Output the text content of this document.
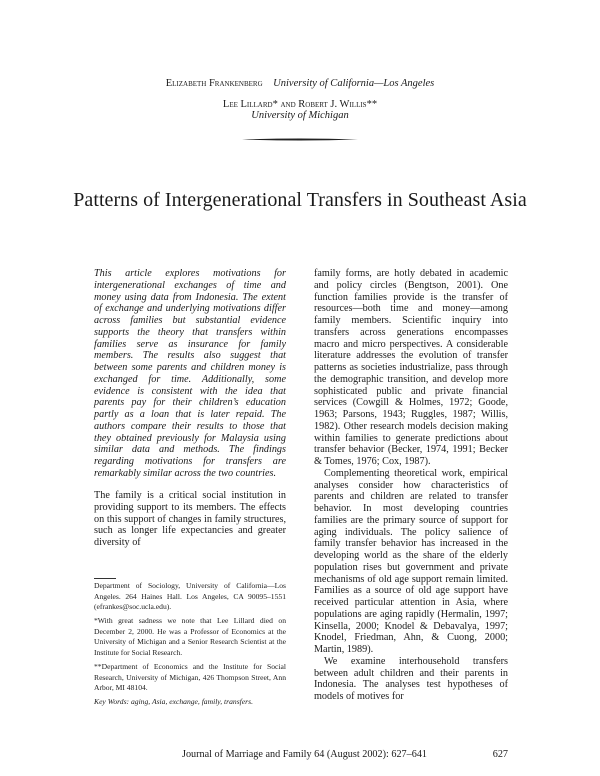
Elizabeth Frankenberg University of California—Los Angeles
Lee Lillard* and Robert J. Willis**
University of Michigan
Patterns of Intergenerational Transfers in Southeast Asia
This article explores motivations for intergenerational exchanges of time and money using data from Indonesia. The extent of exchange and underlying motivations differ across families but substantial evidence supports the theory that transfers within families serve as insurance for family members. The results also suggest that between some parents and children money is exchanged for time. Additionally, some evidence is consistent with the idea that parents pay for their children’s education partly as a loan that is later repaid. The authors compare their results to those that they obtained previously for Malaysia using similar data and methods. The findings regarding motivations for transfers are remarkably similar across the two countries.
The family is a critical social institution in providing support to its members. The effects on this support of changes in family structures, such as longer life expectancies and greater diversity of
Department of Sociology, University of California—Los Angeles. 264 Haines Hall. Los Angeles, CA 90095–1551 (efrankes@soc.ucla.edu).
*With great sadness we note that Lee Lillard died on December 2, 2000. He was a Professor of Economics at the University of Michigan and a Senior Research Scientist at the Institute for Social Research.
**Department of Economics and the Institute for Social Research, University of Michigan, 426 Thompson Street, Ann Arbor, MI 48104.
Key Words: aging, Asia, exchange, family, transfers.

family forms, are hotly debated in academic and policy circles (Bengtson, 2001). One function families provide is the transfer of resources—both time and money—among family members. Scientific inquiry into transfers across generations encompasses macro and micro perspectives. A considerable literature addresses the evolution of transfer patterns as societies industrialize, pass through the demographic transition, and develop more sophisticated public and private financial services (Cowgill & Holmes, 1972; Goode, 1963; Parsons, 1943; Ruggles, 1987; Willis, 1982). Other research models decision making within families to generate predictions about transfer behavior (Becker, 1974, 1991; Becker & Tomes, 1976; Cox, 1987).

Complementing theoretical work, empirical analyses consider how characteristics of parents and children are related to transfer behavior. In most developing countries families are the primary source of support for aging individuals. The policy salience of family transfer behavior has increased in the developing world as the share of the elderly population rises but government and private mechanisms of old age support remain limited. Families as a source of old age support have received particular attention in Asia, where populations are aging rapidly (Hermalin, 1997; Kinsella, 2000; Knodel & Debavalya, 1997; Knodel, Friedman, Ahn, & Cuong, 2000; Martin, 1989).

We examine interhousehold transfers between adult children and their parents in Indonesia. The analyses test hypotheses of models of motives for

Journal of Marriage and Family 64 (August 2002): 627–641	627
